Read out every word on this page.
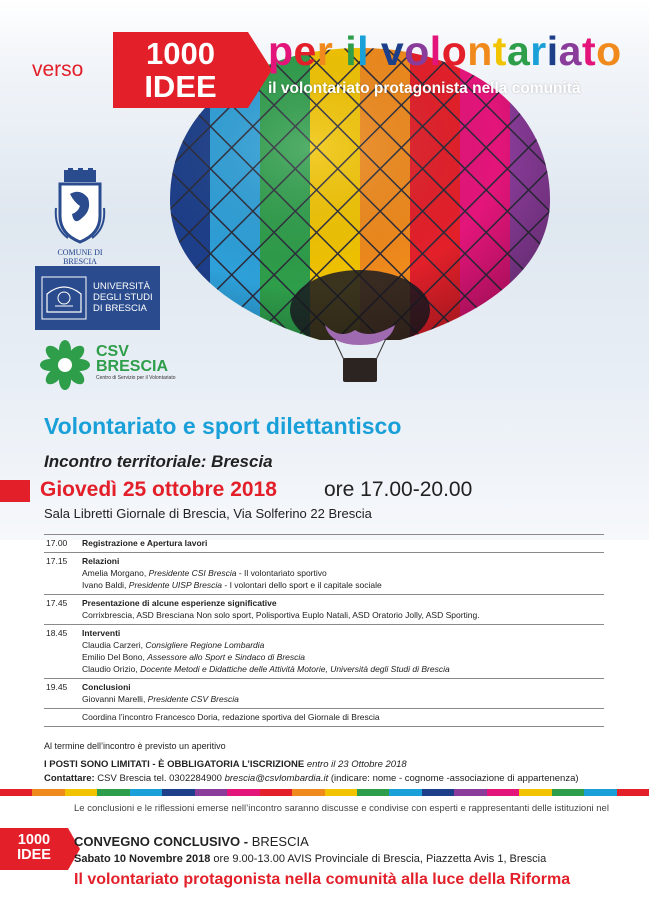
verso	1000
IDEE
per il volontariato
il volontariato protagonista nella comunità
COMUNE DI BRESCIA
UNIVERSITÀ
DEGLI STUDI
DI BRESCIA
CSV
BRESCIA
Centro di Servizio per il Volontariato
Volontariato e sport dilettantisco
Incontro territoriale: Brescia
Giovedì 25 ottobre 2018 ore 17.00-20.00
Sala Libretti Giornale di Brescia, Via Solferino 22 Brescia
17.00	Registrazione e Apertura lavori
17.15	Relazioni
Amelia Morgano, Presidente CSI Brescia - Il volontariato sportivo
Ivano Baldi, Presidente UISP Brescia - I volontari dello sport e il capitale sociale
17.45	Presentazione di alcune esperienze significative
Corrixbrescia, ASD Bresciana Non solo sport, Polisportiva Euplo Natali, ASD Oratorio Jolly, ASD Sporting.
18.45	Interventi
Claudia Carzeri, Consigliere Regione Lombardia
Emilio Del Bono, Assessore allo Sport e Sindaco di Brescia
Claudio Orizio, Docente Metodi e Didattiche delle Attività Motorie, Università degli Studi di Brescia
19.45	Conclusioni
Giovanni Marelli, Presidente CSV Brescia
Coordina l’incontro Francesco Doria, redazione sportiva del Giornale di Brescia
Al termine dell’incontro è previsto un aperitivo
I POSTI SONO LIMITATI - È OBBLIGATORIA L’ISCRIZIONE entro il 23 Ottobre 2018
Contattare: CSV Brescia tel. 0302284900 brescia@csvlombardia.it (indicare: nome - cognome -associazione di appartenenza)
Le conclusioni e le riflessioni emerse nell’incontro saranno discusse e condivise con esperti e rappresentanti delle istituzioni nel
1000
IDEE
CONVEGNO CONCLUSIVO - BRESCIA
Sabato 10 Novembre 2018 ore 9.00-13.00 AVIS Provinciale di Brescia, Piazzetta Avis 1, Brescia
Il volontariato protagonista nella comunità alla luce della Riforma
